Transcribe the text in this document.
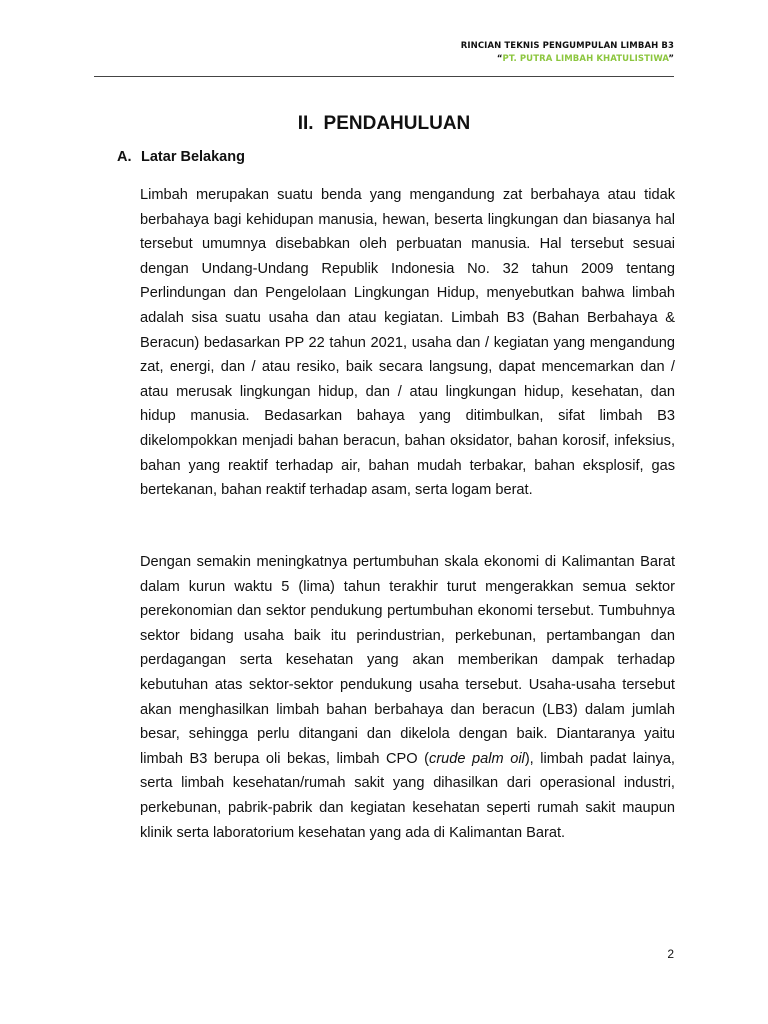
RINCIAN TEKNIS PENGUMPULAN LIMBAH B3
“PT. PUTRA LIMBAH KHATULISTIWA”
II. PENDAHULUAN
A. Latar Belakang

Limbah merupakan suatu benda yang mengandung zat berbahaya atau tidak berbahaya bagi kehidupan manusia, hewan, beserta lingkungan dan biasanya hal tersebut umumnya disebabkan oleh perbuatan manusia. Hal tersebut sesuai dengan Undang-Undang Republik Indonesia No. 32 tahun 2009 tentang Perlindungan dan Pengelolaan Lingkungan Hidup, menyebutkan bahwa limbah adalah sisa suatu usaha dan atau kegiatan. Limbah B3 (Bahan Berbahaya & Beracun) bedasarkan PP 22 tahun 2021, usaha dan / kegiatan yang mengandung zat, energi, dan / atau resiko, baik secara langsung, dapat mencemarkan dan / atau merusak lingkungan hidup, dan / atau lingkungan hidup, kesehatan, dan hidup manusia. Bedasarkan bahaya yang ditimbulkan, sifat limbah B3 dikelompokkan menjadi bahan beracun, bahan oksidator, bahan korosif, infeksius, bahan yang reaktif terhadap air, bahan mudah terbakar, bahan eksplosif, gas bertekanan, bahan reaktif terhadap asam, serta logam berat.

Dengan semakin meningkatnya pertumbuhan skala ekonomi di Kalimantan Barat dalam kurun waktu 5 (lima) tahun terakhir turut mengerakkan semua sektor perekonomian dan sektor pendukung pertumbuhan ekonomi tersebut. Tumbuhnya sektor bidang usaha baik itu perindustrian, perkebunan, pertambangan dan perdagangan serta kesehatan yang akan memberikan dampak terhadap kebutuhan atas sektor-sektor pendukung usaha tersebut. Usaha-usaha tersebut akan menghasilkan limbah bahan berbahaya dan beracun (LB3) dalam jumlah besar, sehingga perlu ditangani dan dikelola dengan baik. Diantaranya yaitu limbah B3 berupa oli bekas, limbah CPO (crude palm oil), limbah padat lainya, serta limbah kesehatan/rumah sakit yang dihasilkan dari operasional industri, perkebunan, pabrik-pabrik dan kegiatan kesehatan seperti rumah sakit maupun klinik serta laboratorium kesehatan yang ada di Kalimantan Barat.

2
